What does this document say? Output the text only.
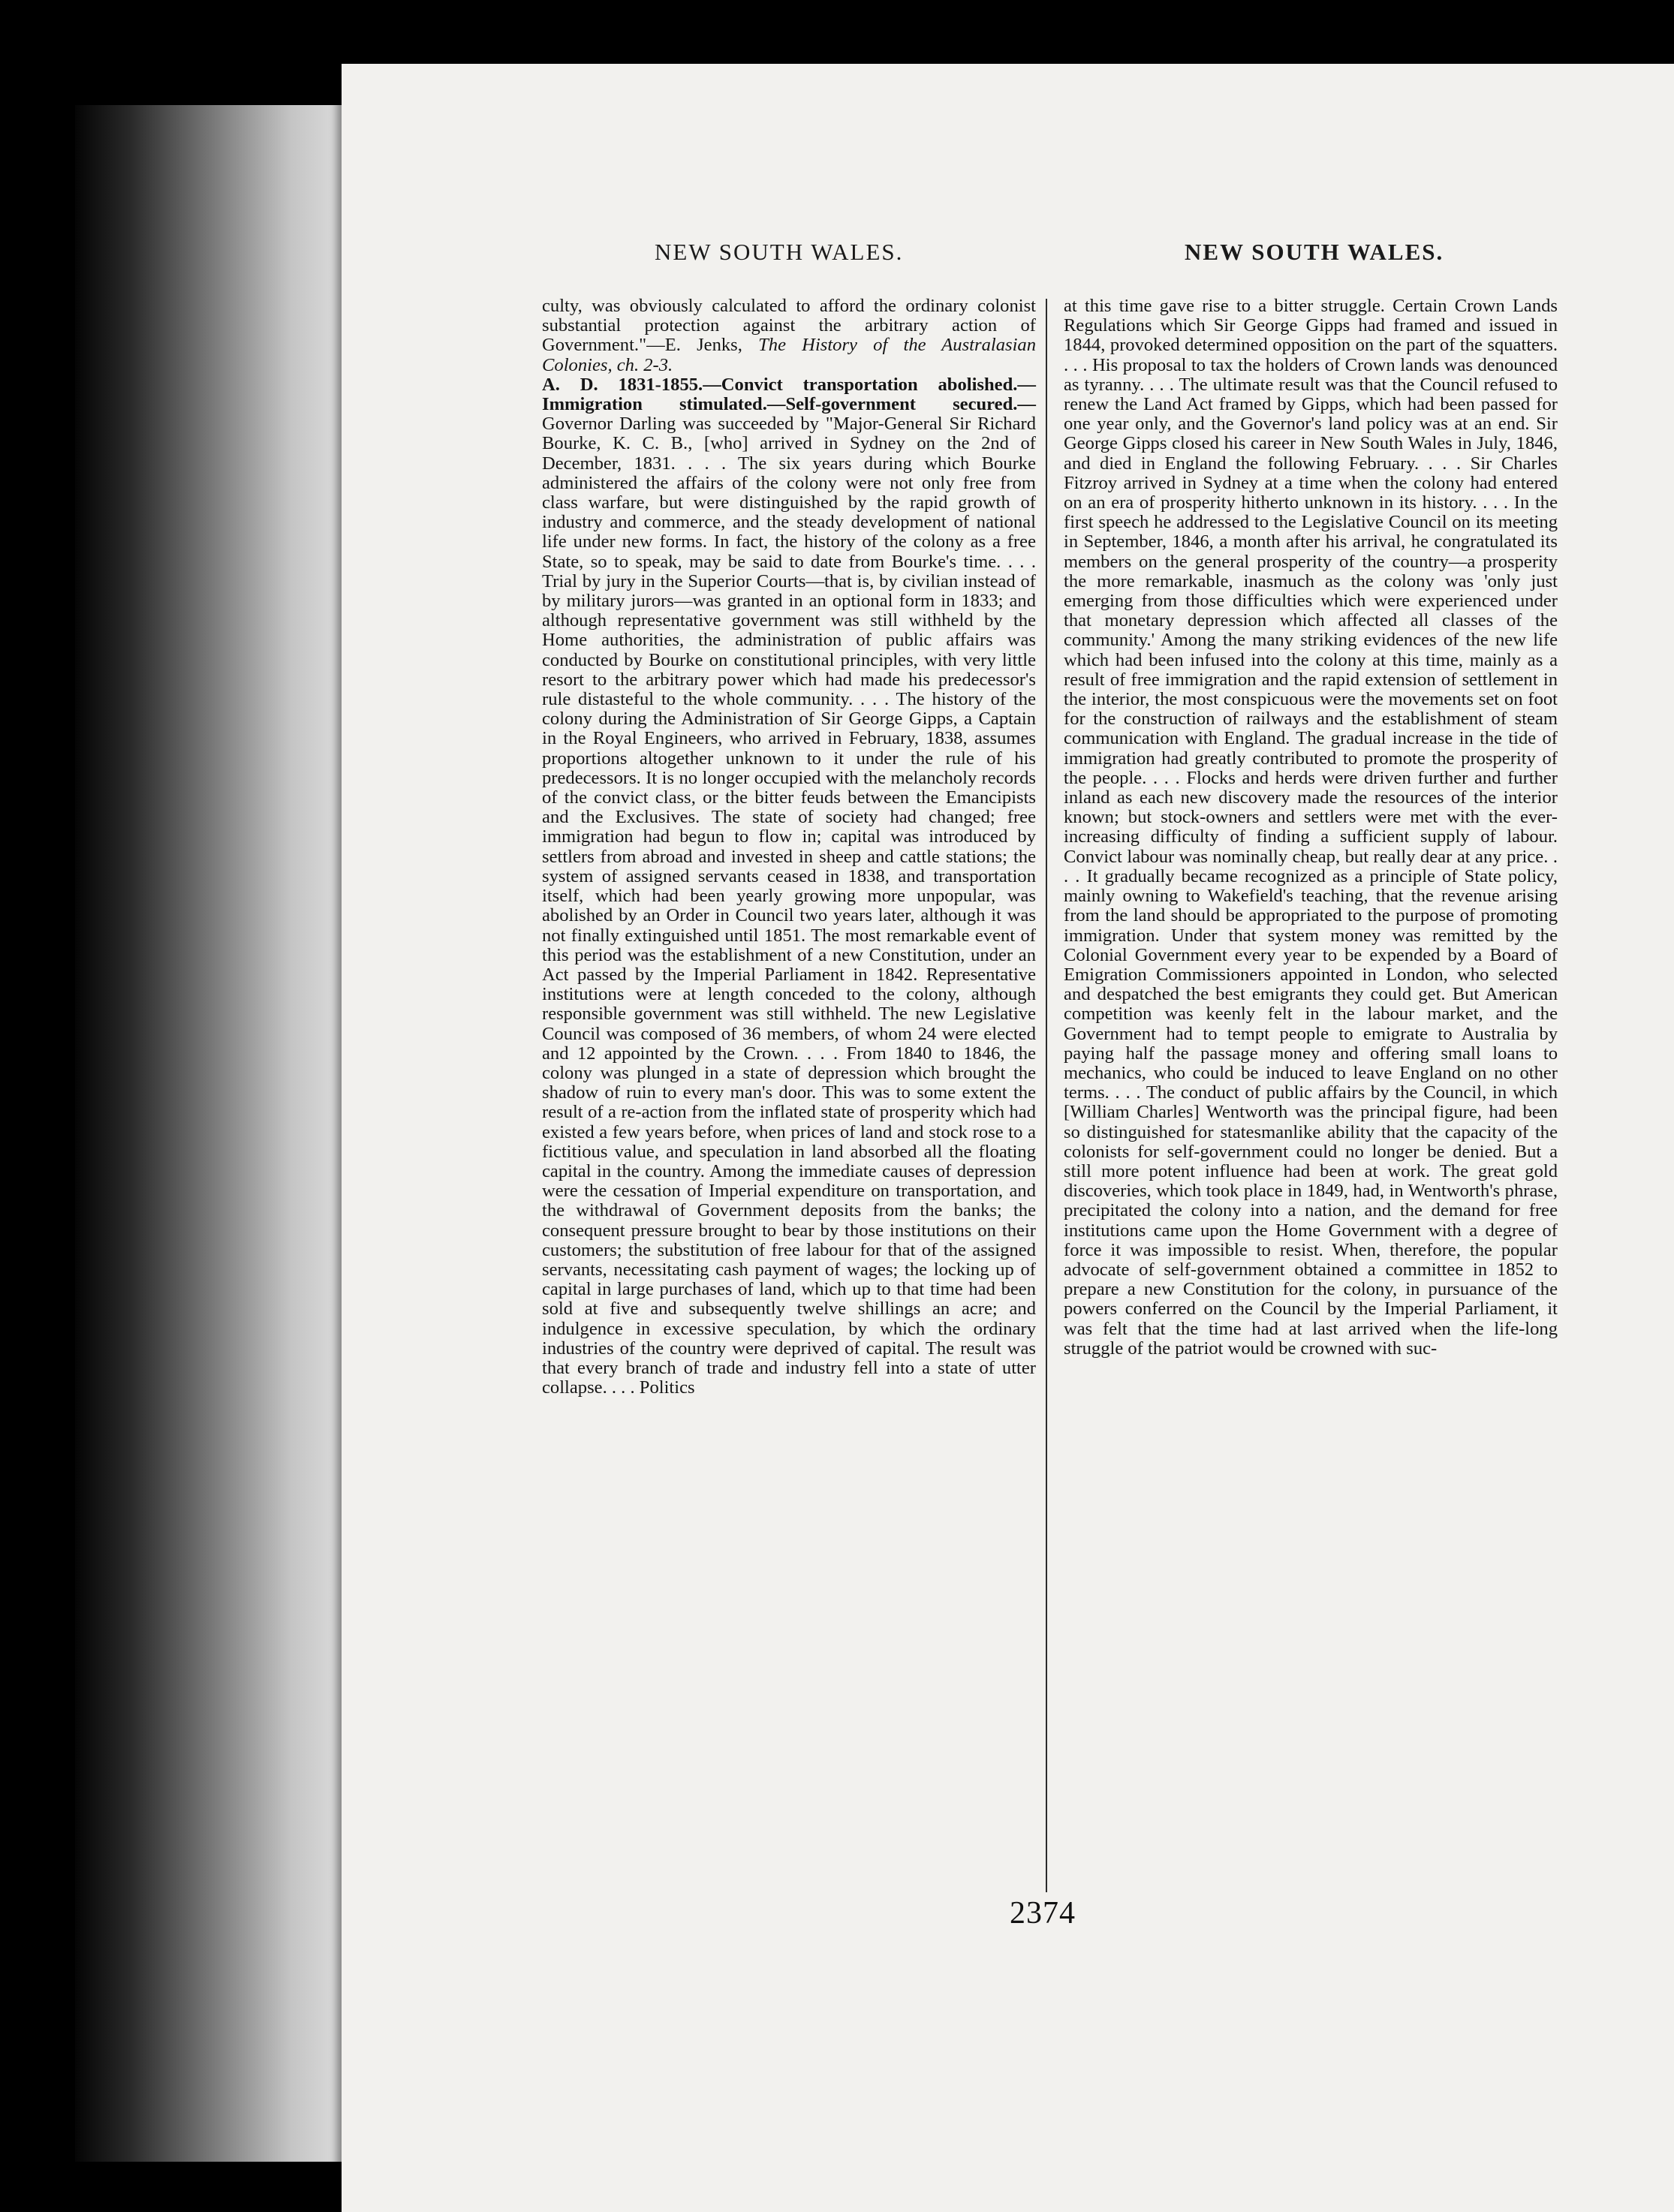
NEW SOUTH WALES.	NEW SOUTH WALES.

culty, was obviously calculated to afford the ordinary colonist substantial protection against the arbitrary action of Government."—E. Jenks, The History of the Australasian Colonies, ch. 2-3.

A. D. 1831-1855.—Convict transportation abolished.—Immigration stimulated.—Self-government secured.— Governor Darling was succeeded by "Major-General Sir Richard Bourke, K. C. B., [who] arrived in Sydney on the 2nd of December, 1831. . . . The six years during which Bourke administered the affairs of the colony were not only free from class warfare, but were distinguished by the rapid growth of industry and commerce, and the steady development of national life under new forms. In fact, the history of the colony as a free State, so to speak, may be said to date from Bourke's time. . . . Trial by jury in the Superior Courts—that is, by civilian instead of by military jurors—was granted in an optional form in 1833; and although representative government was still withheld by the Home authorities, the administration of public affairs was conducted by Bourke on constitutional principles, with very little resort to the arbitrary power which had made his predecessor's rule distasteful to the whole community. . . . The history of the colony during the Administration of Sir George Gipps, a Captain in the Royal Engineers, who arrived in February, 1838, assumes proportions altogether unknown to it under the rule of his predecessors. It is no longer occupied with the melancholy records of the convict class, or the bitter feuds between the Emancipists and the Exclusives. The state of society had changed; free immigration had begun to flow in; capital was introduced by settlers from abroad and invested in sheep and cattle stations; the system of assigned servants ceased in 1838, and transportation itself, which had been yearly growing more unpopular, was abolished by an Order in Council two years later, although it was not finally extinguished until 1851. The most remarkable event of this period was the establishment of a new Constitution, under an Act passed by the Imperial Parliament in 1842. Representative institutions were at length conceded to the colony, although responsible government was still withheld. The new Legislative Council was composed of 36 members, of whom 24 were elected and 12 appointed by the Crown. . . . From 1840 to 1846, the colony was plunged in a state of depression which brought the shadow of ruin to every man's door. This was to some extent the result of a re-action from the inflated state of prosperity which had existed a few years before, when prices of land and stock rose to a fictitious value, and speculation in land absorbed all the floating capital in the country. Among the immediate causes of depression were the cessation of Imperial expenditure on transportation, and the withdrawal of Government deposits from the banks; the consequent pressure brought to bear by those institutions on their customers; the substitution of free labour for that of the assigned servants, necessitating cash payment of wages; the locking up of capital in large purchases of land, which up to that time had been sold at five and subsequently twelve shillings an acre; and indulgence in excessive speculation, by which the ordinary industries of the country were deprived of capital. The result was that every branch of trade and industry fell into a state of utter collapse. . . . Politics

at this time gave rise to a bitter struggle. Certain Crown Lands Regulations which Sir George Gipps had framed and issued in 1844, provoked determined opposition on the part of the squatters. . . . His proposal to tax the holders of Crown lands was denounced as tyranny. . . . The ultimate result was that the Council refused to renew the Land Act framed by Gipps, which had been passed for one year only, and the Governor's land policy was at an end. Sir George Gipps closed his career in New South Wales in July, 1846, and died in England the following February. . . . Sir Charles Fitzroy arrived in Sydney at a time when the colony had entered on an era of prosperity hitherto unknown in its history. . . . In the first speech he addressed to the Legislative Council on its meeting in September, 1846, a month after his arrival, he congratulated its members on the general prosperity of the country—a prosperity the more remarkable, inasmuch as the colony was 'only just emerging from those difficulties which were experienced under that monetary depression which affected all classes of the community.' Among the many striking evidences of the new life which had been infused into the colony at this time, mainly as a result of free immigration and the rapid extension of settlement in the interior, the most conspicuous were the movements set on foot for the construction of railways and the establishment of steam communication with England. The gradual increase in the tide of immigration had greatly contributed to promote the prosperity of the people. . . . Flocks and herds were driven further and further inland as each new discovery made the resources of the interior known; but stock-owners and settlers were met with the ever-increasing difficulty of finding a sufficient supply of labour. Convict labour was nominally cheap, but really dear at any price. . . . It gradually became recognized as a principle of State policy, mainly owning to Wakefield's teaching, that the revenue arising from the land should be appropriated to the purpose of promoting immigration. Under that system money was remitted by the Colonial Government every year to be expended by a Board of Emigration Commissioners appointed in London, who selected and despatched the best emigrants they could get. But American competition was keenly felt in the labour market, and the Government had to tempt people to emigrate to Australia by paying half the passage money and offering small loans to mechanics, who could be induced to leave England on no other terms. . . . The conduct of public affairs by the Council, in which [William Charles] Wentworth was the principal figure, had been so distinguished for statesmanlike ability that the capacity of the colonists for self-government could no longer be denied. But a still more potent influence had been at work. The great gold discoveries, which took place in 1849, had, in Wentworth's phrase, precipitated the colony into a nation, and the demand for free institutions came upon the Home Government with a degree of force it was impossible to resist. When, therefore, the popular advocate of self-government obtained a committee in 1852 to prepare a new Constitution for the colony, in pursuance of the powers conferred on the Council by the Imperial Parliament, it was felt that the time had at last arrived when the life-long struggle of the patriot would be crowned with suc-

2374
